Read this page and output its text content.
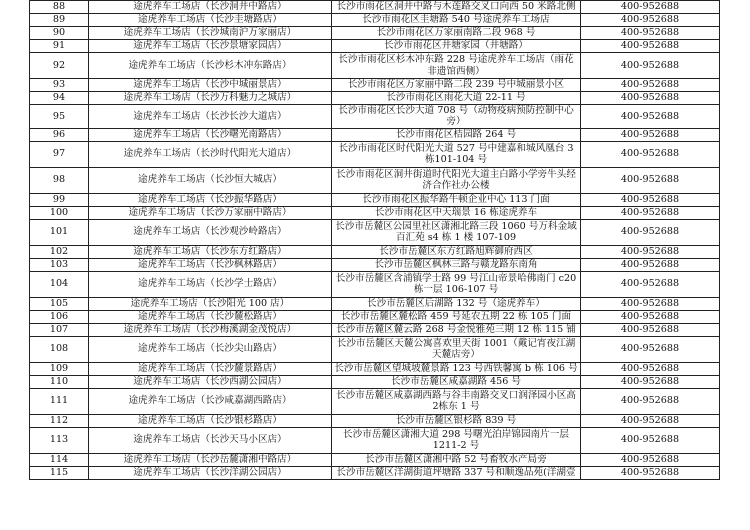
88	途虎养车工场店（长沙洞井中路店）	长沙市雨花区洞井中路与木莲路交叉口向西 50 米路北侧	400-952688
89	途虎养车工场店（长沙圭塘路店）	长沙市雨花区圭塘路 540 号途虎养车工场店	400-952688
90	途虎养车工场店（长沙城南沪万家丽店）	长沙市雨花区万家丽南路二段 968 号	400-952688
91	途虎养车工场店（长沙景塘家园店）	长沙市雨花区井塘家园（井塘路）	400-952688
92	途虎养车工场店（长沙杉木冲东路店）	长沙市雨花区杉木冲东路 228 号途虎养车工场店（雨花非遗馆西侧）	400-952688
93	途虎养车工场店（长沙中城丽景店）	长沙市雨花区万家丽中路二段 239 号中城丽景小区	400-952688
94	途虎养车工场店（长沙万科魅力之城店）	长沙市雨花区雨花大道 22-11 号	400-952688
95	途虎养车工场店（长沙长沙大道店）	长沙市雨花区长沙大道 708 号（动物疫病预防控制中心旁）	400-952688
96	途虎养车工场店（长沙曙光南路店）	长沙市雨花区桔园路 264 号	400-952688
97	途虎养车工场店（长沙时代阳光大道店）	长沙市雨花区时代阳光大道 527 号中建嘉和城风凰台 3 栋101-104 号	400-952688
98	途虎养车工场店（长沙恒大城店）	长沙市雨花区洞井街道时代阳光大道主白路小学旁牛头经济合作社办公楼	400-952688
99	途虎养车工场店（长沙振华路店）	长沙市雨花区振华路牛顿企业中心 113 门面	400-952688
100	途虎养车工场店（长沙万家丽中路店）	长沙市雨花区中天瑞景 16 栋途虎养车	400-952688
101	途虎养车工场店（长沙观沙岭路店）	长沙市岳麓区公园里社区潇湘北路三段 1060 号万科金域百汇苑 s4 栋 1 楼 107-109	400-952688
102	途虎养车工场店（长沙东方红路店）	长沙市岳麓区东方红路旭辉御府西区	400-952688
103	途虎养车工场店（长沙枫林路店）	长沙市岳麓区枫林三路与赣龙路东南角	400-952688
104	途虎养车工场店（长沙学士路店）	长沙市岳麓区含浦镇学士路 99 号江山帝景哈佛南门 c20 栋一层 106-107 号	400-952688
105	途虎养车工场店（长沙阳光 100 店）	长沙市岳麓区后湖路 132 号（途虎养车）	400-952688
106	途虎养车工场店（长沙麓松路店）	长沙市岳麓区麓松路 459 号延农五期 22 栋 105 门面	400-952688
107	途虎养车工场店（长沙梅溪湖金茂悦店）	长沙市岳麓区麓云路 268 号金悦雅苑三期 12 栋 115 铺	400-952688
108	途虎养车工场店（长沙尖山路店）	长沙市岳麓区天麓公寓喜欢里天街 1001（戴记宵夜江湖天麓店旁）	400-952688
109	途虎养车工场店（长沙麓景路店）	长沙市岳麓区望城坡麓景路 123 号西铁馨寓 b 栋 106 号	400-952688
110	途虎养车工场店（长沙西湖公园店）	长沙市岳麓区咸嘉湖路 456 号	400-952688
111	途虎养车工场店（长沙咸嘉湖西路店）	长沙市岳麓区咸嘉湖西路与谷丰南路交叉口润泽园小区高 2栋东 1 号	400-952688
112	途虎养车工场店（长沙银杉路店）	长沙市岳麓区银杉路 839 号	400-952688
113	途虎养车工场店（长沙天马小区店）	长沙市岳麓区潇湘大道 298 号曙光泊岸锦园南片一层1211-2 号	400-952688
114	途虎养车工场店（长沙岳麓潇湘中路店）	长沙市岳麓区潇湘中路 52 号畜牧水产局旁	400-952688
115	途虎养车工场店（长沙洋湖公园店）	长沙市岳麓区洋湖街道坪塘路 337 号和顺逸品苑(洋湖壹	400-952688
